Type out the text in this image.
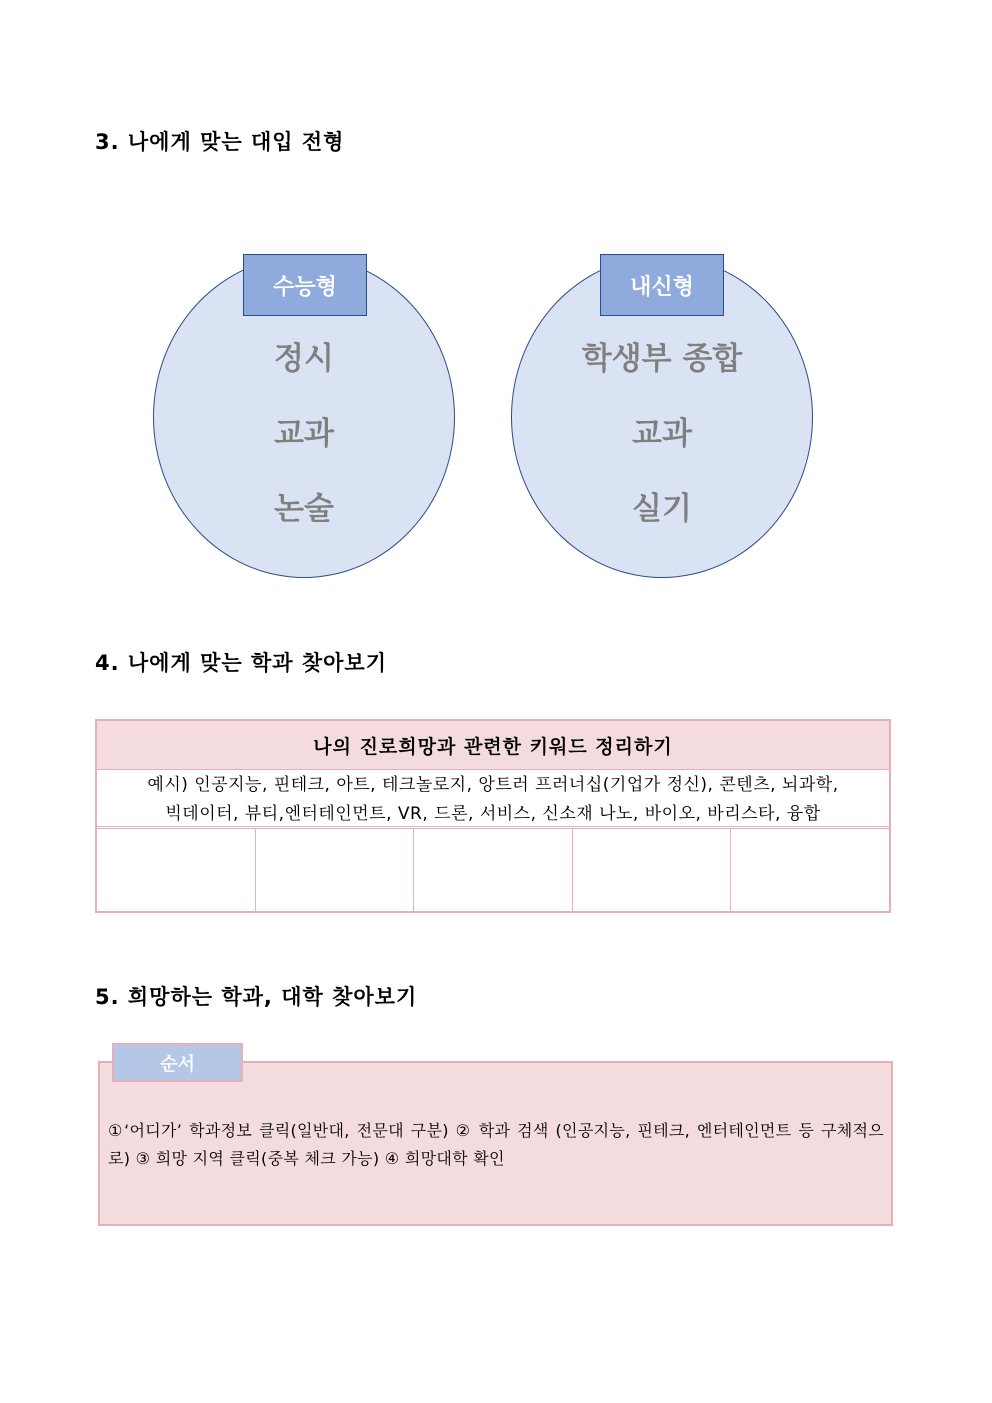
3. 나에게 맞는 대입 전형
수능형
정시
교과
논술
내신형
학생부 종합
교과
실기
4. 나에게 맞는 학과 찾아보기
나의 진로희망과 관련한 키워드 정리하기
예시) 인공지능, 핀테크, 아트, 테크놀로지, 앙트러 프러너십(기업가 정신), 콘텐츠, 뇌과학,
빅데이터, 뷰티,엔터테인먼트, VR, 드론, 서비스, 신소재 나노, 바이오, 바리스타, 융합
5. 희망하는 학과, 대학 찾아보기
순서
①‘어디가’ 학과정보 클릭(일반대, 전문대 구분) ② 학과 검색 (인공지능, 핀테크, 엔터테인먼트 등 구체적으로) ③ 희망 지역 클릭(중복 체크 가능) ④ 희망대학 확인
